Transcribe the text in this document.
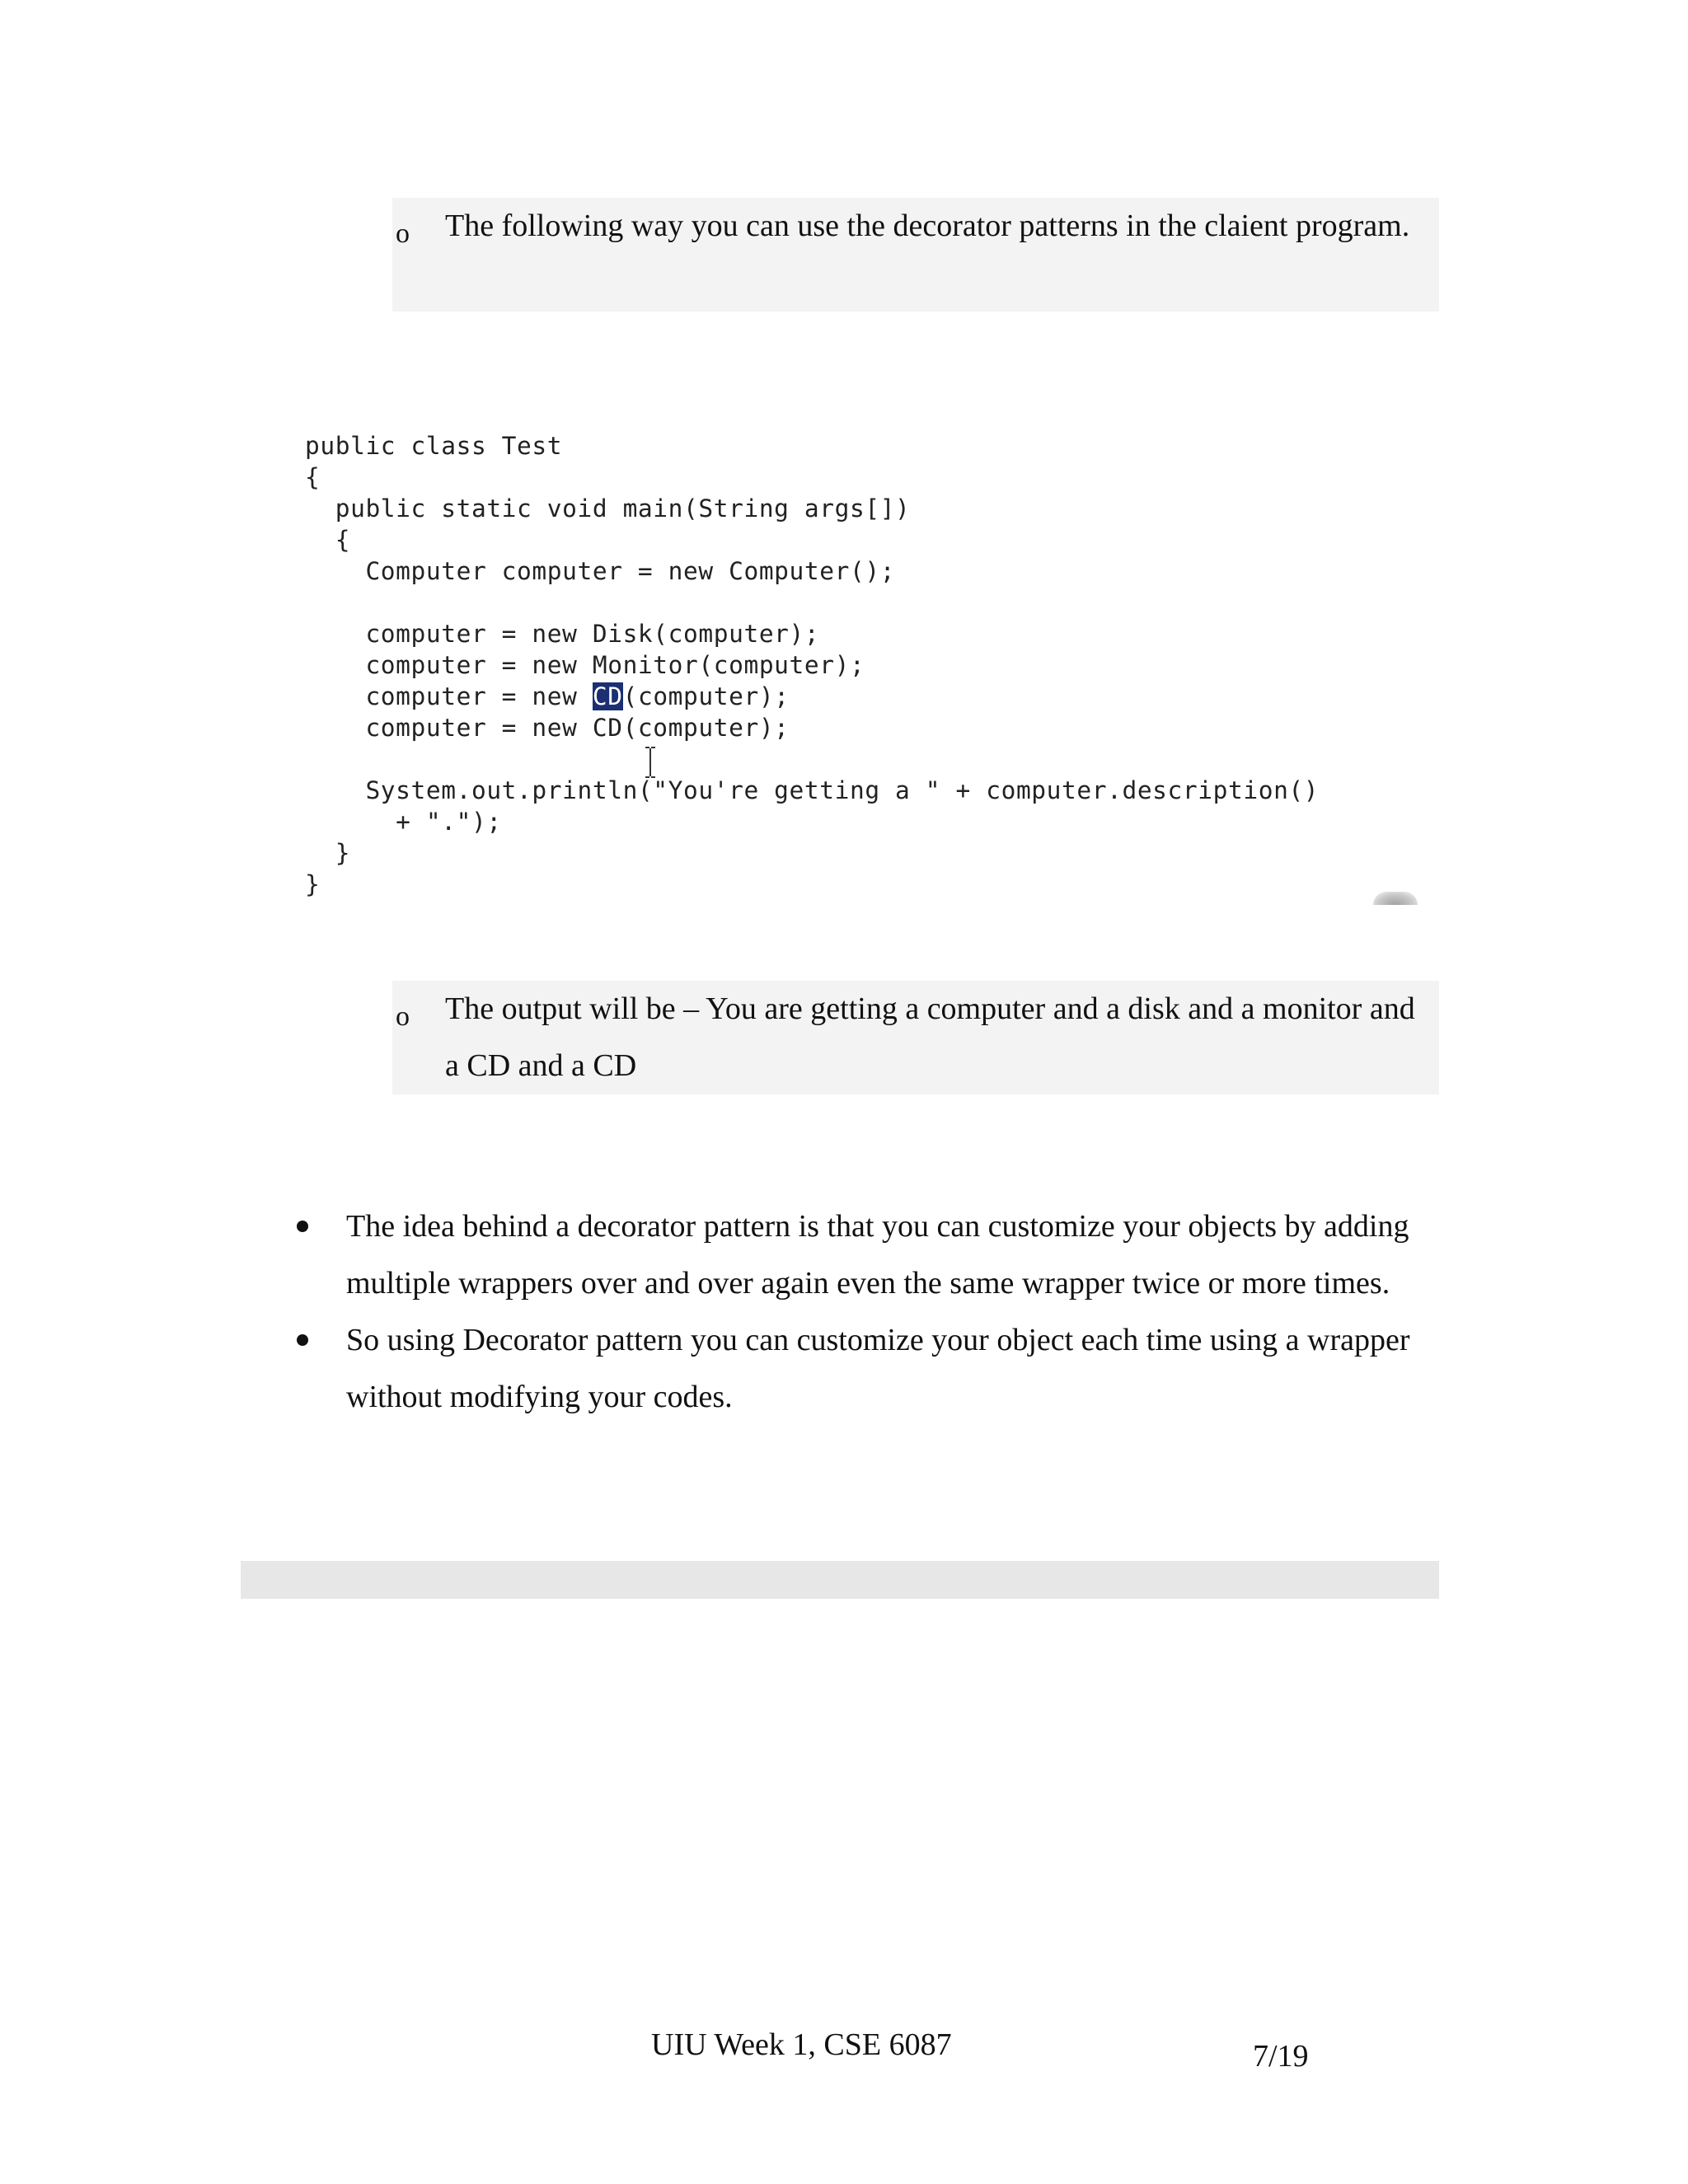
o The following way you can use the decorator patterns in the claient program.
public class Test
{
public static void main(String args[])
{
Computer computer = new Computer();
computer = new Disk(computer);
computer = new Monitor(computer);
computer = new CD(computer);
computer = new CD(computer);
System.out.println("You're getting a " + computer.description()
+ ".");
}
}
o The output will be – You are getting a computer and a disk and a monitor and a CD and a CD
The idea behind a decorator pattern is that you can customize your objects by adding multiple wrappers over and over again even the same wrapper twice or more times.
So using Decorator pattern you can customize your object each time using a wrapper without modifying your codes.
UIU Week 1, CSE 6087	7/19
